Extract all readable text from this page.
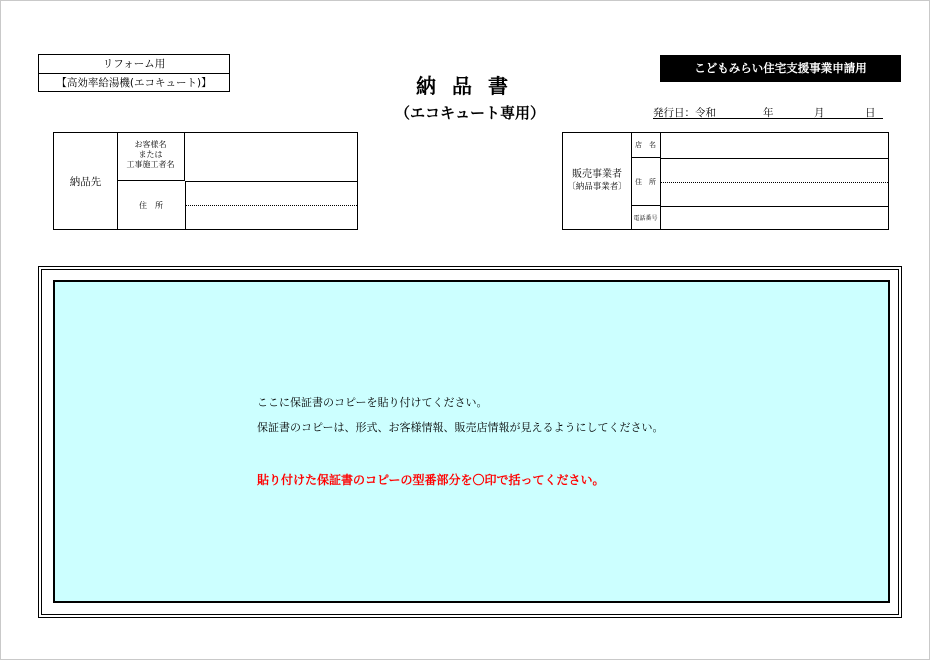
リフォーム用
【高効率給湯機(エコキュート)】	納品書
（エコキュート専用）
こどもみらい住宅支援事業申請用
発行日：令和	年	月	日

納品先
お客様名
または
工事施工者名
住　所
販売事業者
〔納品事業者〕
店　名
住　所
電話番号
ここに保証書のコピーを貼り付けてください。
保証書のコピーは、形式、お客様情報、販売店情報が見えるようにしてください。
貼り付けた保証書のコピーの型番部分を〇印で括ってください。
